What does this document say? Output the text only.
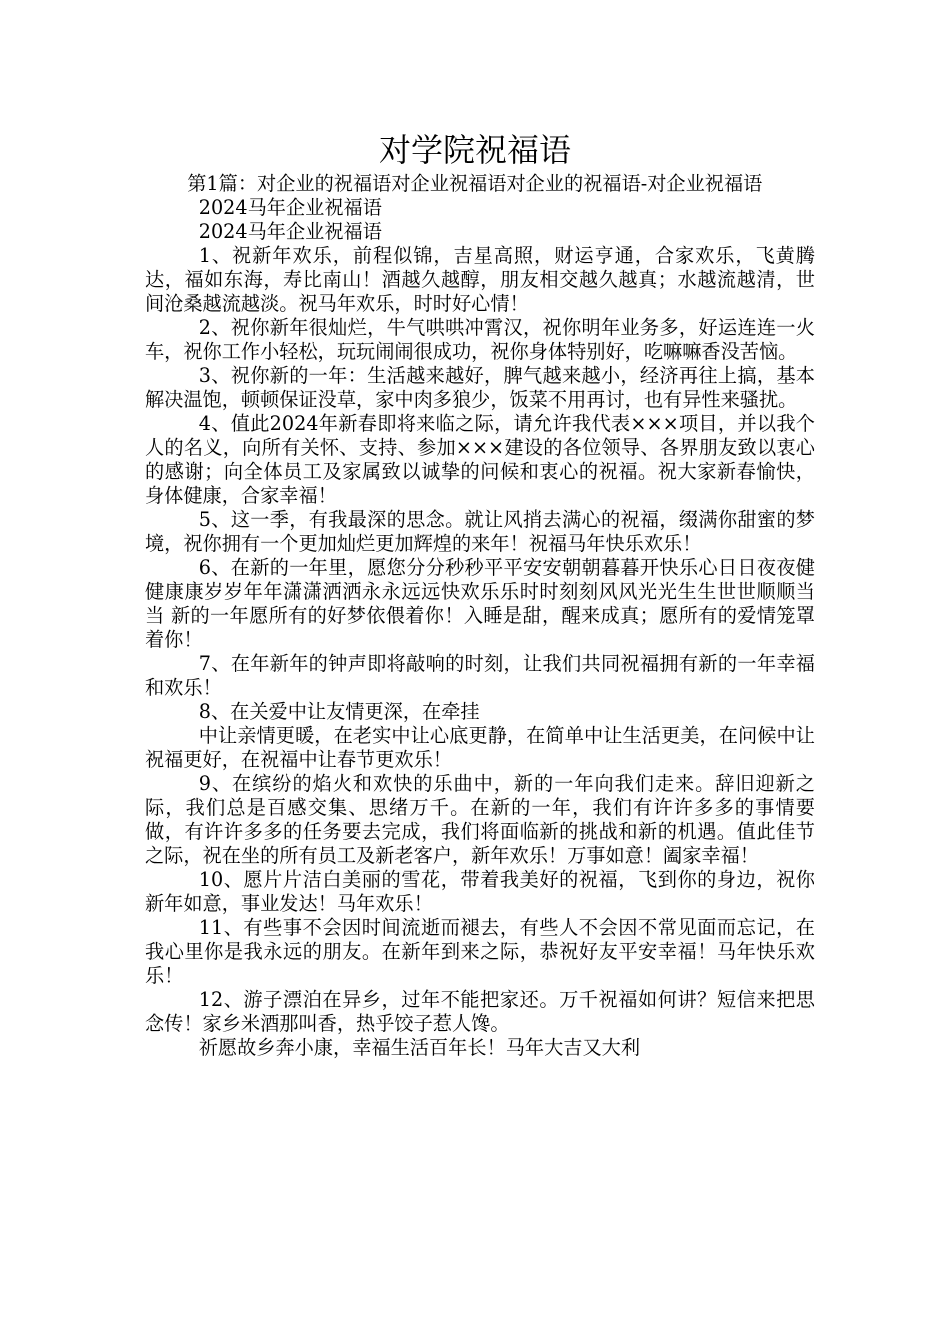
对学院祝福语

第1篇：对企业的祝福语对企业祝福语对企业的祝福语-对企业祝福语

2024马年企业祝福语

2024马年企业祝福语

1、祝新年欢乐，前程似锦，吉星高照，财运亨通，合家欢乐，飞黄腾达，福如东海，寿比南山！酒越久越醇，朋友相交越久越真；水越流越清，世间沧桑越流越淡。祝马年欢乐，时时好心情！

2、祝你新年很灿烂，牛气哄哄冲霄汉，祝你明年业务多，好运连连一火车，祝你工作小轻松，玩玩闹闹很成功，祝你身体特别好，吃嘛嘛香没苦恼。

3、祝你新的一年：生活越来越好，脾气越来越小，经济再往上搞，基本解决温饱，顿顿保证没草，家中肉多狼少，饭菜不用再讨，也有异性来骚扰。

4、值此2024年新春即将来临之际，请允许我代表×××项目，并以我个人的名义，向所有关怀、支持、参加×××建设的各位领导、各界朋友致以衷心的感谢；向全体员工及家属致以诚挚的问候和衷心的祝福。祝大家新春愉快，身体健康，合家幸福！

5、这一季，有我最深的思念。就让风捎去满心的祝福，缀满你甜蜜的梦境，祝你拥有一个更加灿烂更加辉煌的来年！祝福马年快乐欢乐！

6、在新的一年里，愿您分分秒秒平平安安朝朝暮暮开快乐心日日夜夜健健康康岁岁年年潇潇洒洒永永远远快欢乐乐时时刻刻风风光光生生世世顺顺当当 新的一年愿所有的好梦依偎着你！入睡是甜，醒来成真；愿所有的爱情笼罩着你！

7、在年新年的钟声即将敲响的时刻，让我们共同祝福拥有新的一年幸福和欢乐！

8、在关爱中让友情更深，在牵挂

中让亲情更暖，在老实中让心底更静，在简单中让生活更美，在问候中让祝福更好，在祝福中让春节更欢乐！

9、在缤纷的焰火和欢快的乐曲中，新的一年向我们走来。辞旧迎新之际，我们总是百感交集、思绪万千。在新的一年，我们有许许多多的事情要做，有许许多多的任务要去完成，我们将面临新的挑战和新的机遇。值此佳节之际，祝在坐的所有员工及新老客户，新年欢乐！万事如意！阖家幸福！

10、愿片片洁白美丽的雪花，带着我美好的祝福，飞到你的身边，祝你新年如意，事业发达！马年欢乐！

11、有些事不会因时间流逝而褪去，有些人不会因不常见面而忘记，在我心里你是我永远的朋友。在新年到来之际，恭祝好友平安幸福！马年快乐欢乐！

12、游子漂泊在异乡，过年不能把家还。万千祝福如何讲？短信来把思念传！家乡米酒那叫香，热乎饺子惹人馋。

祈愿故乡奔小康，幸福生活百年长！马年大吉又大利
